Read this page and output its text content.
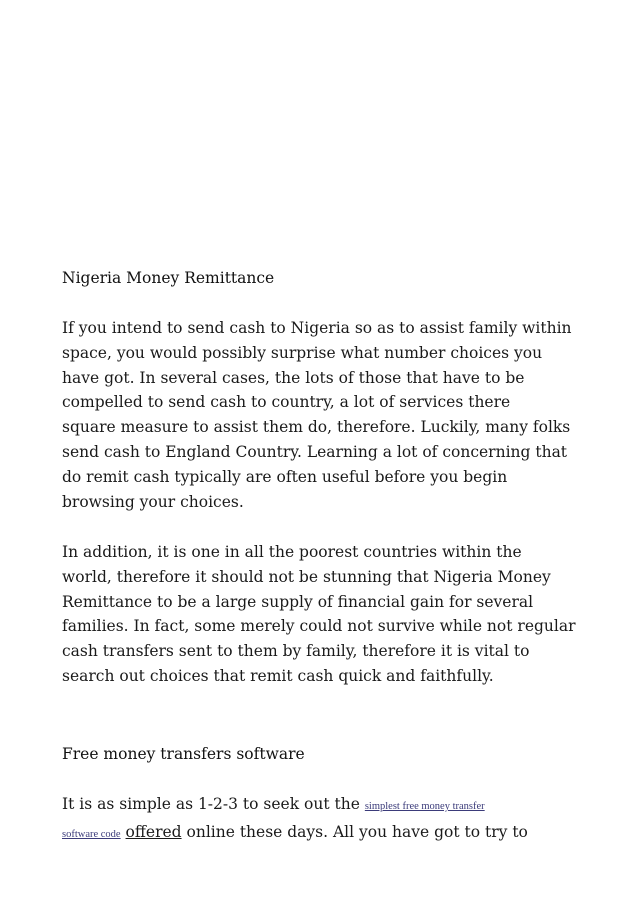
Nigeria Money Remittance
If you intend to send cash to Nigeria so as to assist family within
space, you would possibly surprise what number choices you
have got. In several cases, the lots of those that have to be
compelled to send cash to country, a lot of services there
square measure to assist them do, therefore. Luckily, many folks
send cash to England Country. Learning a lot of concerning that
do remit cash typically are often useful before you begin
browsing your choices.
In addition, it is one in all the poorest countries within the
world, therefore it should not be stunning that Nigeria Money
Remittance to be a large supply of financial gain for several
families. In fact, some merely could not survive while not regular
cash transfers sent to them by family, therefore it is vital to
search out choices that remit cash quick and faithfully.
Free money transfers software
It is as simple as 1-2-3 to seek out the simplest free money transfer
software code offered online these days. All you have got to try to
